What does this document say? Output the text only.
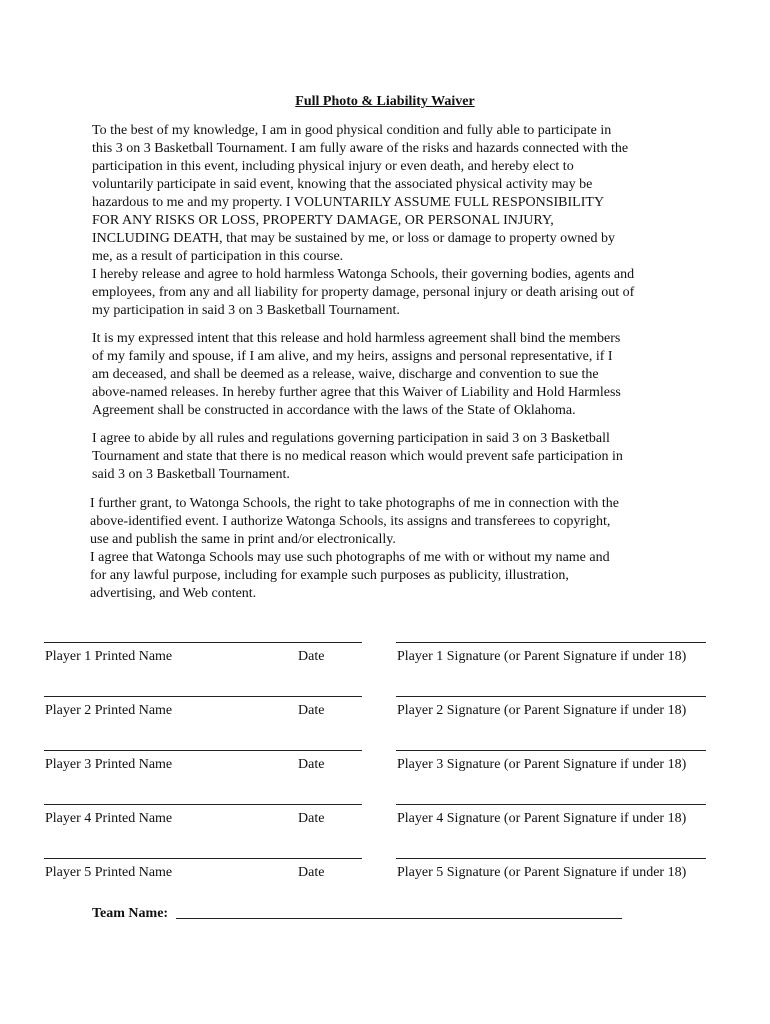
Full Photo & Liability Waiver

To the best of my knowledge, I am in good physical condition and fully able to participate in
this 3 on 3 Basketball Tournament. I am fully aware of the risks and hazards connected with the
participation in this event, including physical injury or even death, and hereby elect to
voluntarily participate in said event, knowing that the associated physical activity may be
hazardous to me and my property. I VOLUNTARILY ASSUME FULL RESPONSIBILITY
FOR ANY RISKS OR LOSS, PROPERTY DAMAGE, OR PERSONAL INJURY,
INCLUDING DEATH, that may be sustained by me, or loss or damage to property owned by
me, as a result of participation in this course.
I hereby release and agree to hold harmless Watonga Schools, their governing bodies, agents and
employees, from any and all liability for property damage, personal injury or death arising out of
my participation in said 3 on 3 Basketball Tournament.

It is my expressed intent that this release and hold harmless agreement shall bind the members
of my family and spouse, if I am alive, and my heirs, assigns and personal representative, if I
am deceased, and shall be deemed as a release, waive, discharge and convention to sue the
above-named releases. In hereby further agree that this Waiver of Liability and Hold Harmless
Agreement shall be constructed in accordance with the laws of the State of Oklahoma.

I agree to abide by all rules and regulations governing participation in said 3 on 3 Basketball
Tournament and state that there is no medical reason which would prevent safe participation in
said 3 on 3 Basketball Tournament.

I further grant, to Watonga Schools, the right to take photographs of me in connection with the
above-identified event. I authorize Watonga Schools, its assigns and transferees to copyright,
use and publish the same in print and/or electronically.
I agree that Watonga Schools may use such photographs of me with or without my name and
for any lawful purpose, including for example such purposes as publicity, illustration,
advertising, and Web content.

Player 1 Printed Name	Date	Player 1 Signature (or Parent Signature if under 18)
Player 2 Printed Name	Date	Player 2 Signature (or Parent Signature if under 18)
Player 3 Printed Name	Date	Player 3 Signature (or Parent Signature if under 18)
Player 4 Printed Name	Date	Player 4 Signature (or Parent Signature if under 18)
Player 5 Printed Name	Date	Player 5 Signature (or Parent Signature if under 18)
Team Name:
